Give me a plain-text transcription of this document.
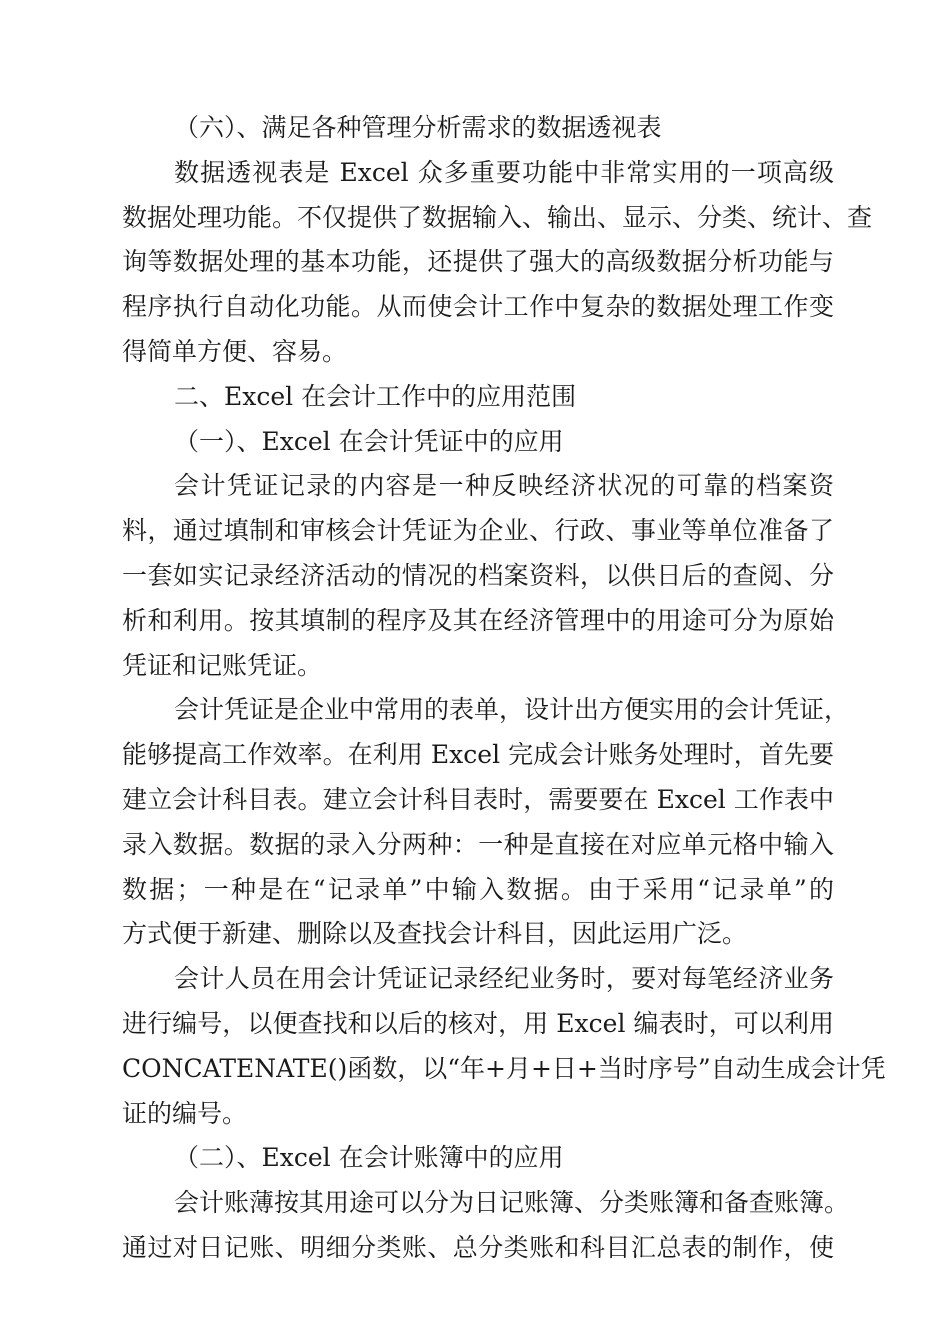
（六）、满足各种管理分析需求的数据透视表
数据透视表是 Excel 众多重要功能中非常实用的一项高级
数据处理功能。不仅提供了数据输入、输出、显示、分类、统计、查
询等数据处理的基本功能，还提供了强大的高级数据分析功能与
程序执行自动化功能。从而使会计工作中复杂的数据处理工作变
得简单方便、容易。
二、Excel 在会计工作中的应用范围
（一）、Excel 在会计凭证中的应用
会计凭证记录的内容是一种反映经济状况的可靠的档案资
料，通过填制和审核会计凭证为企业、行政、事业等单位准备了
一套如实记录经济活动的情况的档案资料，以供日后的查阅、分
析和利用。按其填制的程序及其在经济管理中的用途可分为原始
凭证和记账凭证。
会计凭证是企业中常用的表单，设计出方便实用的会计凭证，
能够提高工作效率。在利用 Excel 完成会计账务处理时，首先要
建立会计科目表。建立会计科目表时，需要要在 Excel 工作表中
录入数据。数据的录入分两种：一种是直接在对应单元格中输入
数据；一种是在“记录单”中输入数据。由于采用“记录单”的
方式便于新建、删除以及查找会计科目，因此运用广泛。
会计人员在用会计凭证记录经纪业务时，要对每笔经济业务
进行编号，以便查找和以后的核对，用 Excel 编表时，可以利用
CONCATENATE()函数，以“年+月+日+当时序号”自动生成会计凭
证的编号。
（二）、Excel 在会计账簿中的应用
会计账薄按其用途可以分为日记账簿、分类账簿和备查账簿。
通过对日记账、明细分类账、总分类账和科目汇总表的制作，使
